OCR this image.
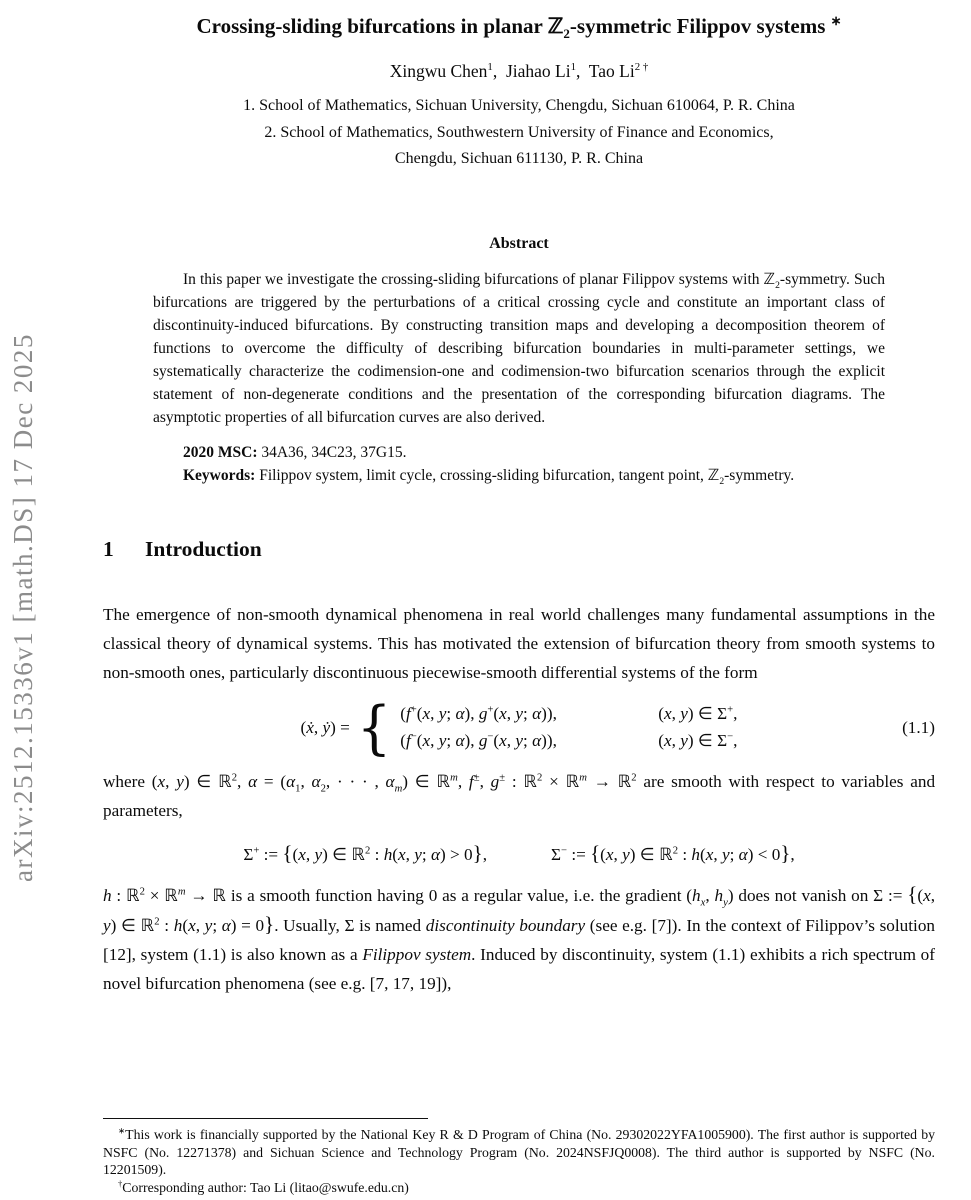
arXiv:2512.15336v1 [math.DS] 17 Dec 2025
Crossing-sliding bifurcations in planar ℤ$_2$-symmetric Filippov systems ∗
Xingwu Chen$^1$,  Jiahao Li$^1$,  Tao $Li^{2 \dagger}$
1. School of Mathematics, Sichuan University, Chengdu, Sichuan 610064, P. R. China
2. School of Mathematics, Southwestern University of Finance and Economics,
Chengdu, Sichuan 611130, P. R. China
Abstract

In this paper we investigate the crossing-sliding bifurcations of planar Filippov systems with ℤ$_2$-symmetry. Such bifurcations are triggered by the perturbations of a critical crossing cycle and constitute an important class of discontinuity-induced bifurcations. By constructing transition maps and developing a decomposition theorem of functions to overcome the difficulty of describing bifurcation boundaries in multi-parameter settings, we systematically characterize the codimension-one and codimension-two bifurcation scenarios through the explicit statement of non-degenerate conditions and the presentation of the corresponding bifurcation diagrams. The asymptotic properties of all bifurcation curves are also derived.

2020 MSC: 34A36, 34C23, 37G15.

Keywords: Filippov system, limit cycle, crossing-sliding bifurcation, tangent point, ℤ$_2$-symmetry.

1 Introduction

The emergence of non-smooth dynamical phenomena in real world challenges many fundamental assumptions in the classical theory of dynamical systems. This has motivated the extension of bifurcation theory from smooth systems to non-smooth ones, particularly discontinuous piecewise-smooth differential systems of the form

(ẋ, ẏ) = { (f+(x, y; α), g+(x, y; α)),	(x, y) ∈ Σ+,
(f−(x, y; α), g−(x, y; α)),	(x, y) ∈ Σ−,
(1.1)

where (x, y) ∈ ℝ$^2$, $\alpha = (\alpha_1$, $\alpha_2$, · · · , $\alpha_m$) ∈ ℝ$^m$, f±, g± : ℝ$^2$ × ℝ$^m$ → ℝ$^2$ are smooth with respect to variables and parameters,

Σ+ := {(x, y) ∈ ℝ$^2$ : h(x, y; α) > 0},	Σ− := {(x, y) ∈ ℝ$^2$ : h(x, y; α) < 0},

h : ℝ$^2$ × ℝ$^m$ → ℝ is a smooth function having 0 as a regular value, i.e. the gradient ($h_x$, $h_y$) does not vanish on Σ := {(x, y) ∈ ℝ$^2$ : h(x, y; α) = 0}. Usually, Σ is named discontinuity boundary (see e.g. [7]). In the context of Filippov’s solution [12], system (1.1) is also known as a Filippov system. Induced by discontinuity, system (1.1) exhibits a rich spectrum of novel bifurcation phenomena (see e.g. [7, 17, 19]),

∗This work is financially supported by the National Key R & D Program of China (No. 29302022YFA1005900). The first author is supported by NSFC (No. 12271378) and Sichuan Science and Technology Program (No. 2024NSFJQ0008). The third author is supported by NSFC (No. 12201509).

†Corresponding author: Tao Li (litao@swufe.edu.cn)
